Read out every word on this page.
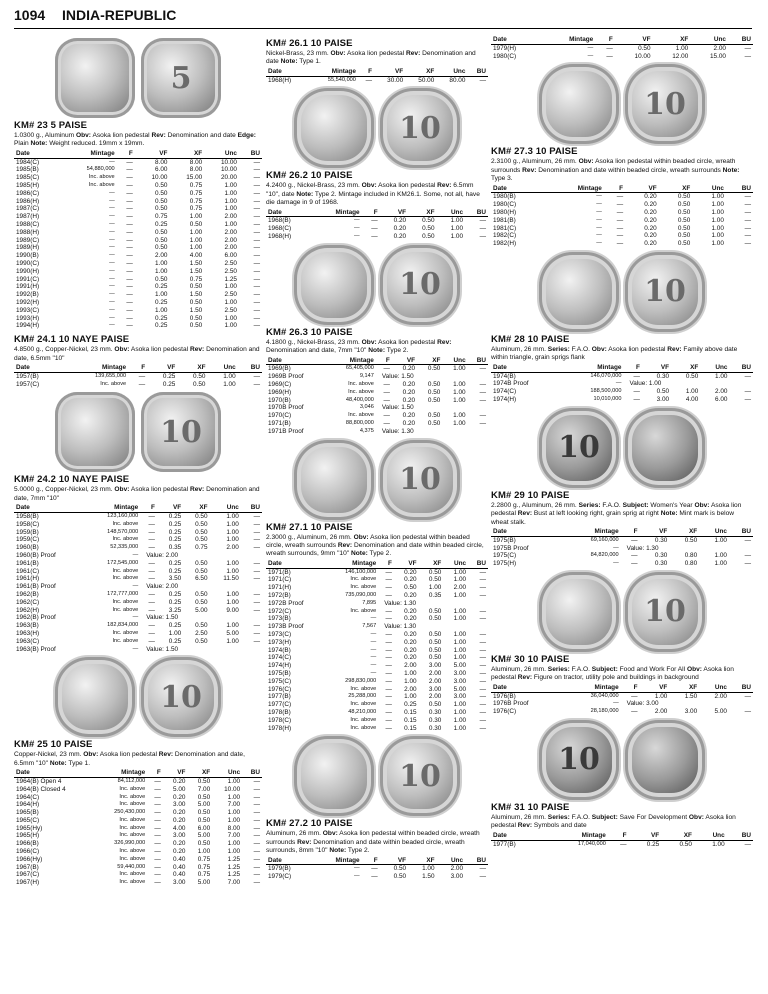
1094 INDIA-REPUBLIC
5
KM# 23 5 PAISE
1.0300 g., Aluminum Obv: Asoka lion pedestal Rev: Denomination and date Edge: Plain Note: Weight reduced. 19mm x 19mm.
Date	Mintage	F	VF	XF	Unc	BU
1984(C)	—	—	8.00	8.00	10.00	—
1985(B)	54,880,000	—	6.00	8.00	10.00	—
1985(C)	Inc. above	—	10.00	15.00	20.00	—
1985(H)	Inc. above	—	0.50	0.75	1.00	—
1986(C)	—	—	0.50	0.75	1.00	—
1986(H)	—	—	0.50	0.75	1.00	—
1987(C)	—	—	0.50	0.75	1.00	—
1987(H)	—	—	0.75	1.00	2.00	—
1988(C)	—	—	0.25	0.50	1.00	—
1988(H)	—	—	0.50	1.00	2.00	—
1989(C)	—	—	0.50	1.00	2.00	—
1989(H)	—	—	0.50	1.00	2.00	—
1990(B)	—	—	2.00	4.00	6.00	—
1990(C)	—	—	1.00	1.50	2.50	—
1990(H)	—	—	1.00	1.50	2.50	—
1991(C)	—	—	0.50	0.75	1.25	—
1991(H)	—	—	0.25	0.50	1.00	—
1992(B)	—	—	1.00	1.50	2.50	—
1992(H)	—	—	0.25	0.50	1.00	—
1993(C)	—	—	1.00	1.50	2.50	—
1993(H)	—	—	0.25	0.50	1.00	—
1994(H)	—	—	0.25	0.50	1.00	—
KM# 24.1 10 NAYE PAISE
4.8500 g., Copper-Nickel, 23 mm. Obv: Asoka lion pedestal Rev: Denomination and date, 6.5mm "10"
Date	Mintage	F	VF	XF	Unc	BU
1957(B)	139,655,000	—	0.25	0.50	1.00	—
1957(C)	Inc. above	—	0.25	0.50	1.00	—
10
KM# 24.2 10 NAYE PAISE
5.0000 g., Copper-Nickel, 23 mm. Obv: Asoka lion pedestal Rev: Denomination and date, 7mm "10"
Date	Mintage	F	VF	XF	Unc	BU
1958(B)	123,160,000	—	0.25	0.50	1.00	—
1958(C)	Inc. above	—	0.25	0.50	1.00	—
1959(B)	148,570,000	—	0.25	0.50	1.00	—
1959(C)	Inc. above	—	0.25	0.50	1.00	—
1960(B)	52,335,000	—	0.35	0.75	2.00	—
1960(B) Proof	—	Value: 2.00				
1961(B)	172,545,000	—	0.25	0.50	1.00	—
1961(C)	Inc. above	—	0.25	0.50	1.00	—
1961(H)	Inc. above	—	3.50	6.50	11.50	—
1961(B) Proof	—	Value: 2.00				
1962(B)	172,777,000	—	0.25	0.50	1.00	—
1962(C)	Inc. above	—	0.25	0.50	1.00	—
1962(H)	Inc. above	—	3.25	5.00	9.00	—
1962(B) Proof	—	Value: 1.50				
1963(B)	182,834,000	—	0.25	0.50	1.00	—
1963(H)	Inc. above	—	1.00	2.50	5.00	—
1963(C)	Inc. above	—	0.25	0.50	1.00	—
1963(B) Proof	—	Value: 1.50				
10
KM# 25 10 PAISE
Copper-Nickel, 23 mm. Obv: Asoka lion pedestal Rev: Denomination and date, 6.5mm "10" Note: Type 1.
Date	Mintage	F	VF	XF	Unc	BU
1964(B) Open 4	84,112,000	—	0.20	0.50	1.00	—
1964(B) Closed 4	Inc. above	—	5.00	7.00	10.00	—
1964(C)	Inc. above	—	0.20	0.50	1.00	—
1964(H)	Inc. above	—	3.00	5.00	7.00	—
1965(B)	250,430,000	—	0.20	0.50	1.00	—
1965(C)	Inc. above	—	0.20	0.50	1.00	—
1965(Hy)	Inc. above	—	4.00	6.00	8.00	—
1965(H)	Inc. above	—	3.00	5.00	7.00	—
1966(B)	326,990,000	—	0.20	0.50	1.00	—
1966(C)	Inc. above	—	0.20	1.00	1.00	—
1966(Hy)	Inc. above	—	0.40	0.75	1.25	—
1967(B)	59,440,000	—	0.40	0.75	1.25	—
1967(C)	Inc. above	—	0.40	0.75	1.25	—
1967(H)	Inc. above	—	3.00	5.00	7.00	—
KM# 26.1 10 PAISE
Nickel-Brass, 23 mm. Obv: Asoka lion pedestal Rev: Denomination and date Note: Type 1.
Date	Mintage	F	VF	XF	Unc	BU
1968(H)	55,540,000	—	30.00	50.00	80.00	—
10
KM# 26.2 10 PAISE
4.2400 g., Nickel-Brass, 23 mm. Obv: Asoka lion pedestal Rev: 6.5mm "10", date Note: Type 2. Mintage included in KM26.1. Some, not all, have die damage in 9 of 1968.
Date	Mintage	F	VF	XF	Unc	BU
1968(B)	—	—	0.20	0.50	1.00	—
1968(C)	—	—	0.20	0.50	1.00	—
1968(H)	—	—	0.20	0.50	1.00	—
10
KM# 26.3 10 PAISE
4.1800 g., Nickel-Brass, 23 mm. Obv: Asoka lion pedestal Rev: Denomination and date, 7mm "10" Note: Type 2.
Date	Mintage	F	VF	XF	Unc	BU
1969(B)	65,405,000	—	0.20	0.50	1.00	—
1969B Proof	9,147	Value: 1.50				
1969(C)	Inc. above	—	0.20	0.50	1.00	—
1969(H)	Inc. above	—	0.20	0.50	1.00	—
1970(B)	48,400,000	—	0.20	0.50	1.00	—
1970B Proof	3,046	Value: 1.50				
1970(C)	Inc. above	—	0.20	0.50	1.00	—
1971(B)	88,800,000	—	0.20	0.50	1.00	—
1971B Proof	4,375	Value: 1.30				
10
KM# 27.1 10 PAISE
2.3000 g., Aluminum, 26 mm. Obv: Asoka lion pedestal within beaded circle, wreath surrounds Rev: Denomination and date within beaded circle, wreath surrounds, 9mm "10" Note: Type 2.
Date	Mintage	F	VF	XF	Unc	BU
1971(B)	146,100,000	—	0.20	0.50	1.00	—
1971(C)	Inc. above	—	0.20	0.50	1.00	—
1971(H)	Inc. above	—	0.50	1.00	2.00	—
1972(B)	735,090,000	—	0.20	0.35	1.00	—
1972B Proof	7,895	Value: 1.30				
1972(C)	Inc. above	—	0.20	0.50	1.00	—
1973(B)	—	—	0.20	0.50	1.00	—
1973B Proof	7,567	Value: 1.30				
1973(C)	—	—	0.20	0.50	1.00	—
1973(H)	—	—	0.20	0.50	1.00	—
1974(B)	—	—	0.20	0.50	1.00	—
1974(C)	—	—	0.20	0.50	1.00	—
1974(H)	—	—	2.00	3.00	5.00	—
1975(B)	—	—	1.00	2.00	3.00	—
1975(C)	298,830,000	—	1.00	2.00	3.00	—
1976(C)	Inc. above	—	2.00	3.00	5.00	—
1977(B)	25,288,000	—	1.00	2.00	3.00	—
1977(C)	Inc. above	—	0.25	0.50	1.00	—
1978(B)	48,210,000	—	0.15	0.30	1.00	—
1978(C)	Inc. above	—	0.15	0.30	1.00	—
1978(H)	Inc. above	—	0.15	0.30	1.00	—
10
KM# 27.2 10 PAISE
Aluminum, 26 mm. Obv: Asoka lion pedestal within beaded circle, wreath surrounds Rev: Denomination and date within beaded circle, wreath surrounds, 8mm "10" Note: Type 2.
Date	Mintage	F	VF	XF	Unc	BU
1979(B)	—	—	0.50	1.00	2.00	—
1979(C)	—	—	0.50	1.50	3.00	—
Date	Mintage	F	VF	XF	Unc	BU
1979(H)	—	—	0.50	1.00	2.00	—
1980(C)	—	—	10.00	12.00	15.00	—
10
KM# 27.3 10 PAISE
2.3100 g., Aluminum, 26 mm. Obv: Asoka lion pedestal within beaded circle, wreath surrounds Rev: Denomination and date within beaded circle, wreath surrounds Note: Type 3.
Date	Mintage	F	VF	XF	Unc	BU
1980(B)	—	—	0.20	0.50	1.00	—
1980(C)	—	—	0.20	0.50	1.00	—
1980(H)	—	—	0.20	0.50	1.00	—
1981(B)	—	—	0.20	0.50	1.00	—
1981(C)	—	—	0.20	0.50	1.00	—
1982(C)	—	—	0.20	0.50	1.00	—
1982(H)	—	—	0.20	0.50	1.00	—
10
KM# 28 10 PAISE
Aluminum, 26 mm. Series: F.A.O. Obv: Asoka lion pedestal Rev: Family above date within triangle, grain sprigs flank
Date	Mintage	F	VF	XF	Unc	BU
1974(B)	146,070,000	—	0.30	0.50	1.00	—
1974B Proof	—	Value: 1.00				
1974(C)	188,500,000	—	0.50	1.00	2.00	—
1974(H)	10,010,000	—	3.00	4.00	6.00	—
10
KM# 29 10 PAISE
2.2800 g., Aluminum, 26 mm. Series: F.A.O. Subject: Women's Year Obv: Asoka lion pedestal Rev: Bust at left looking right, grain sprig at right Note: Mint mark is below wheat stalk.
Date	Mintage	F	VF	XF	Unc	BU
1975(B)	69,160,000	—	0.30	0.50	1.00	—
1975B Proof	—	Value: 1.30				
1975(C)	84,820,000	—	0.30	0.80	1.00	—
1975(H)	—	—	0.30	0.80	1.00	—
10
KM# 30 10 PAISE
Aluminum, 26 mm. Series: F.A.O. Subject: Food and Work For All Obv: Asoka lion pedestal Rev: Figure on tractor, utility pole and buildings in background
Date	Mintage	F	VF	XF	Unc	BU
1976(B)	36,040,000	—	1.00	1.50	2.00	—
1976B Proof	—	Value: 3.00				
1976(C)	28,180,000	—	2.00	3.00	5.00	—
10
KM# 31 10 PAISE
Aluminum, 26 mm. Series: F.A.O. Subject: Save For Development Obv: Asoka lion pedestal Rev: Symbols and date
Date	Mintage	F	VF	XF	Unc	BU
1977(B)	17,040,000	—	0.25	0.50	1.00	—
